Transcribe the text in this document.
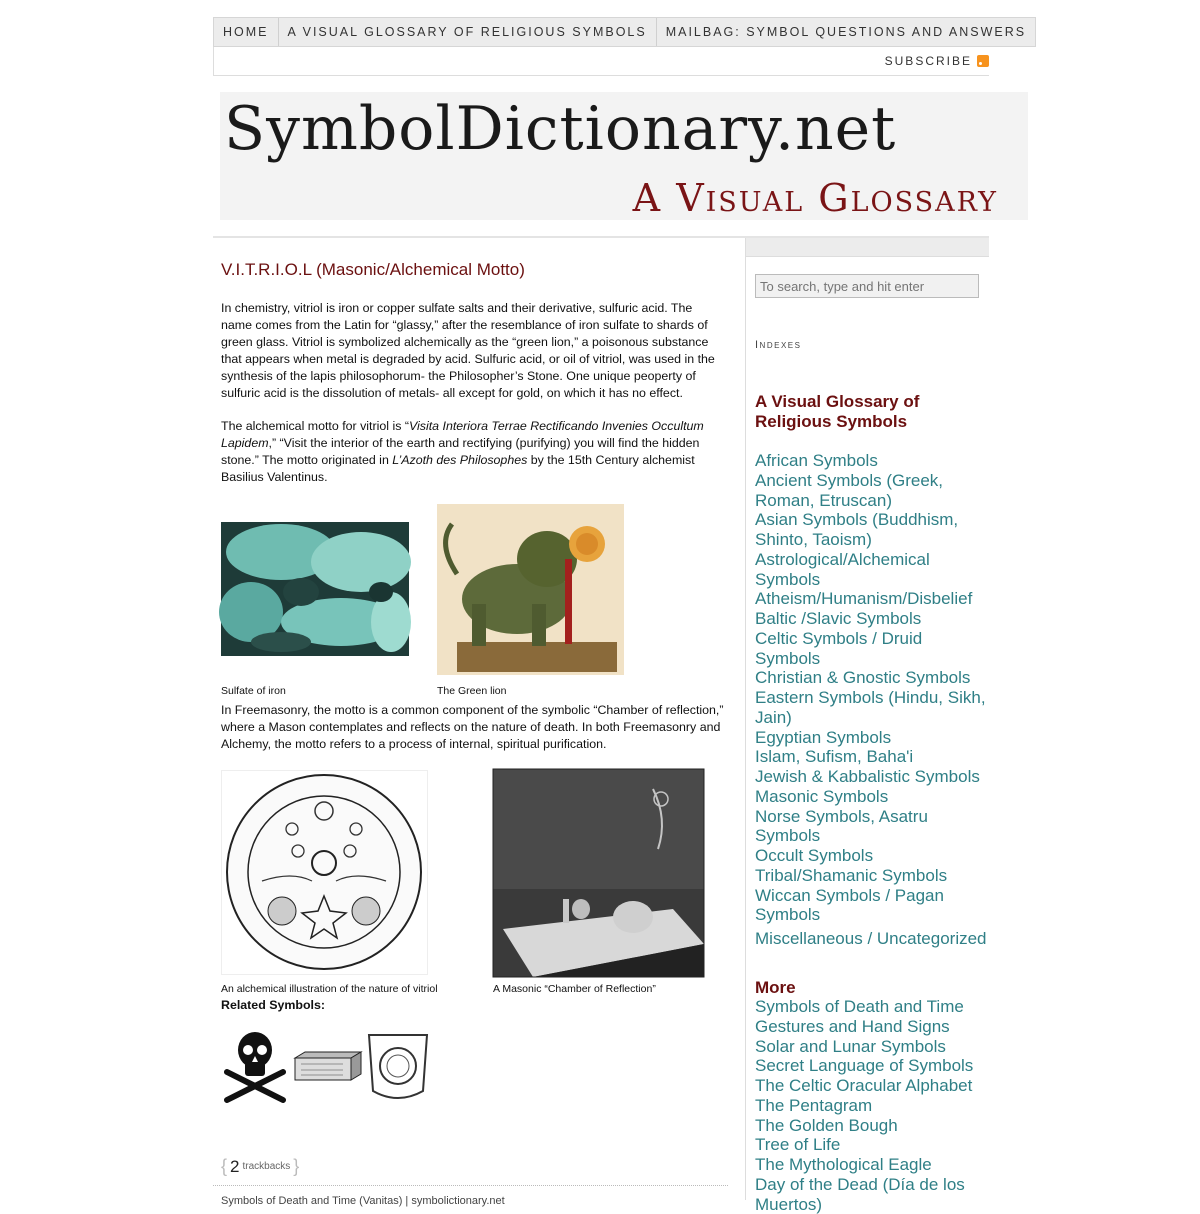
HOME	A VISUAL GLOSSARY OF RELIGIOUS SYMBOLS	MAILBAG: SYMBOL QUESTIONS AND ANSWERS
SUBSCRIBE
SymbolDictionary.net
A Visual Glossary
V.I.T.R.I.O.L (Masonic/Alchemical Motto)

In chemistry, vitriol is iron or copper sulfate salts and their derivative, sulfuric acid. The name comes from the Latin for “glassy,” after the resemblance of iron sulfate to shards of green glass. Vitriol is symbolized alchemically as the “green lion,” a poisonous substance that appears when metal is degraded by acid. Sulfuric acid, or oil of vitriol, was used in the synthesis of the lapis philosophorum- the Philosopher’s Stone. One unique peoperty of sulfuric acid is the dissolution of metals- all except for gold, on which it has no effect.

The alchemical motto for vitriol is “Visita Interiora Terrae Rectificando Invenies Occultum Lapidem,” “Visit the interior of the earth and rectifying (purifying) you will find the hidden stone.” The motto originated in L’Azoth des Philosophes by the 15th Century alchemist Basilius Valentinus.

Sulfate of iron	The Green lion

In Freemasonry, the motto is a common component of the symbolic “Chamber of reflection,” where a Mason contemplates and reflects on the nature of death. In both Freemasonry and Alchemy, the motto refers to a process of internal, spiritual purification.

An alchemical illustration of the nature of vitriol	A Masonic “Chamber of Reflection”
Related Symbols:
{ 2 trackbacks }
Symbols of Death and Time (Vanitas) | symbolictionary.net
To search, type and hit enter
Indexes
A Visual Glossary of Religious Symbols
African Symbols
Ancient Symbols (Greek, Roman, Etruscan)
Asian Symbols (Buddhism, Shinto, Taoism)
Astrological/Alchemical Symbols
Atheism/Humanism/Disbelief
Baltic /Slavic Symbols
Celtic Symbols / Druid Symbols
Christian & Gnostic Symbols
Eastern Symbols (Hindu, Sikh, Jain)
Egyptian Symbols
Islam, Sufism, Baha'i
Jewish & Kabbalistic Symbols
Masonic Symbols
Norse Symbols, Asatru Symbols
Occult Symbols
Tribal/Shamanic Symbols
Wiccan Symbols / Pagan Symbols
Miscellaneous / Uncategorized
More
Symbols of Death and Time
Gestures and Hand Signs
Solar and Lunar Symbols
Secret Language of Symbols
The Celtic Oracular Alphabet
The Pentagram
The Golden Bough
Tree of Life
The Mythological Eagle
Day of the Dead (Día de los Muertos)
